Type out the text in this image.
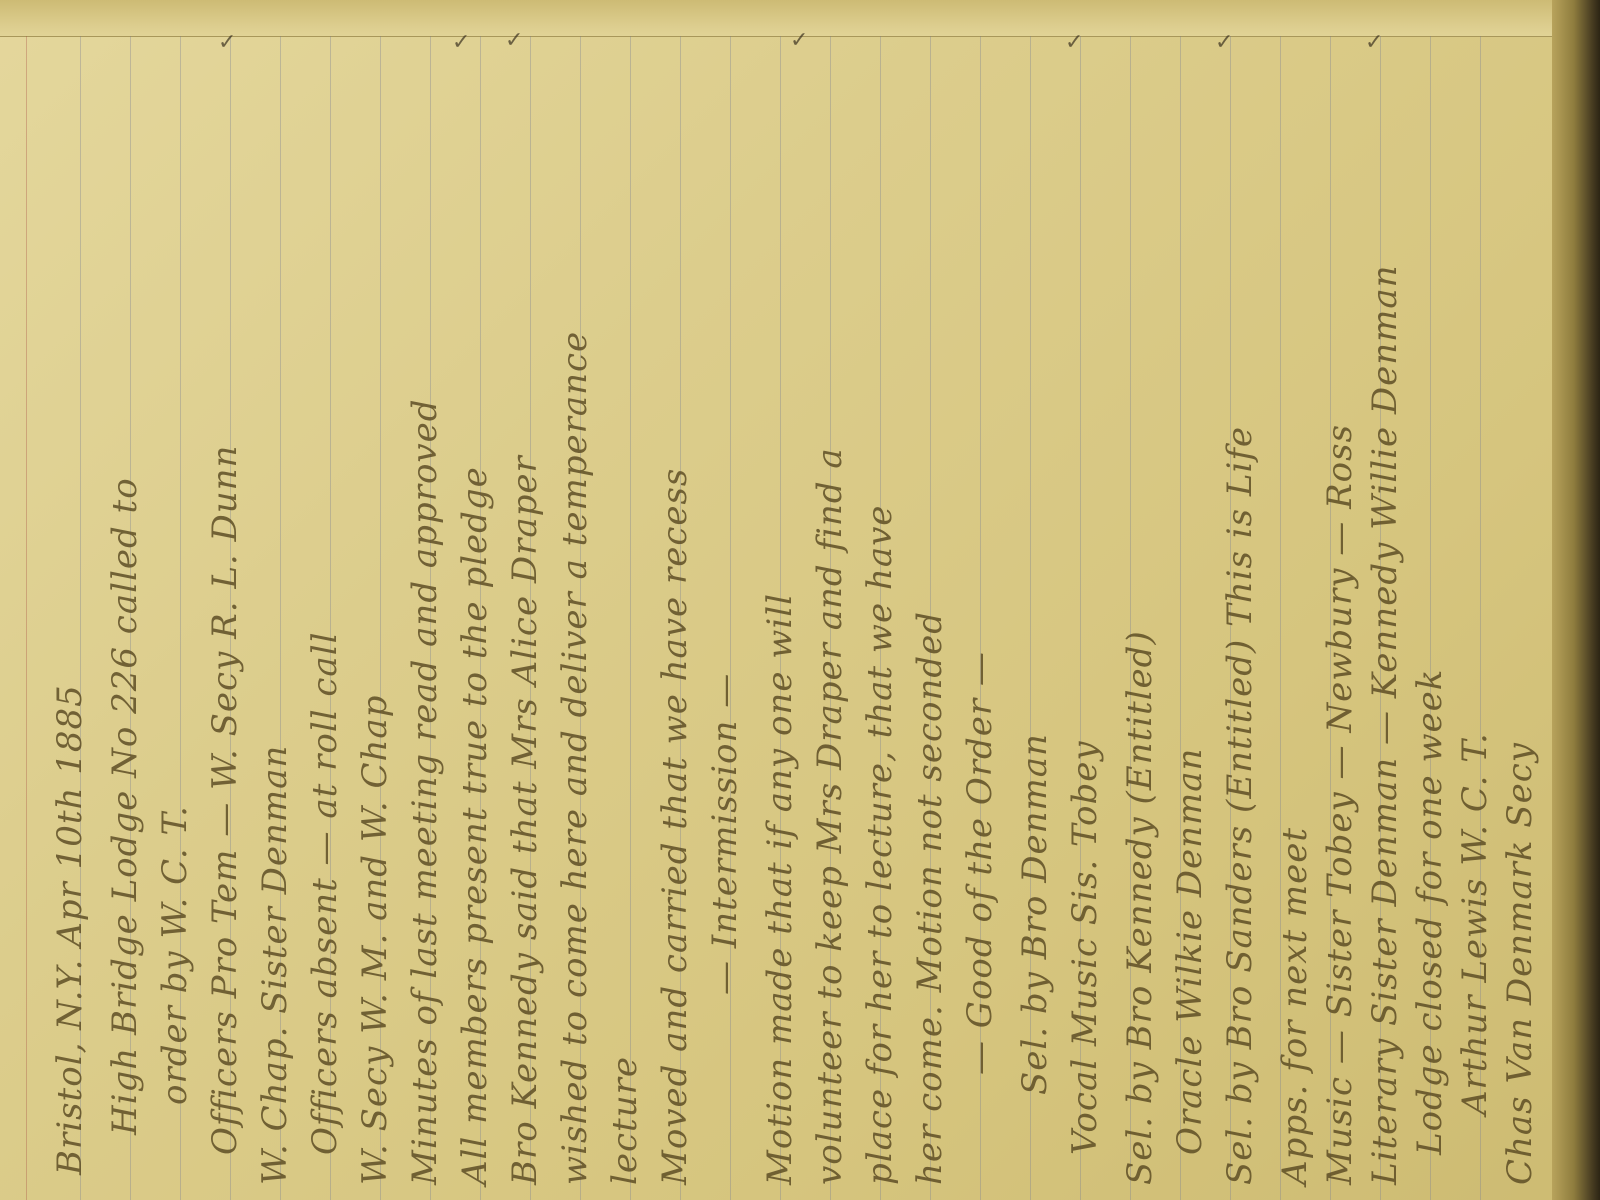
Bristol, N.Y. Apr 10th 1885 High Bridge Lodge No 226 called to order by W. C. T. Officers Pro Tem — W. Secy R. L. Dunn W. Chap. Sister Denman Officers absent — at roll call W. Secy W. M. and W. Chap Minutes of last meeting read and approved All members present true to the pledge Bro Kennedy said that Mrs Alice Draper wished to come here and deliver a temperance lecture Moved and carried that we have recess — Intermission — Motion made that if any one will volunteer to keep Mrs Draper and find a place for her to lecture, that we have her come. Motion not seconded — Good of the Order — Sel. by Bro Denman Vocal Music Sis. Tobey Sel. by Bro Kennedy (Entitled) Oracle Wilkie Denman Sel. by Bro Sanders (Entitled) This is Life Apps. for next meet Music — Sister Tobey — Newbury — Ross Literary Sister Denman — Kennedy Willie Denman Lodge closed for one week Arthur Lewis W. C. T. Chas Van Denmark Secy
✓	✓ ✓	✓	✓	✓	✓
